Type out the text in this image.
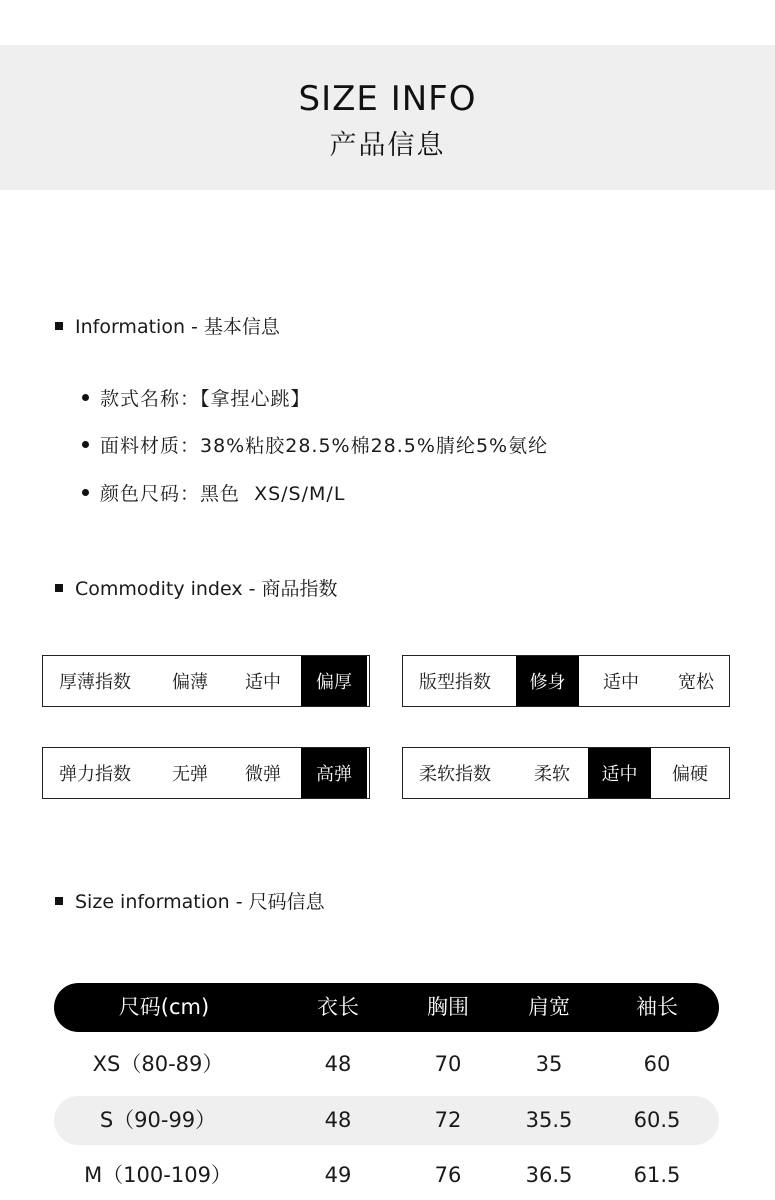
SIZE INFO
产品信息
Information - 基本信息
款式名称：【拿捏心跳】
面料材质：38%粘胶28.5%棉28.5%腈纶5%氨纶
颜色尺码：黑色  XS/S/M/L
Commodity index - 商品指数
厚薄指数	偏薄	适中	偏厚	版型指数	修身	适中	宽松
弹力指数	无弹	微弹	高弹	柔软指数	柔软	适中	偏硬
Size information - 尺码信息
尺码(cm)	衣长	胸围	肩宽	袖长
XS（80-89）	48	70	35	60
S（90-99）	48	72	35.5	60.5
M（100-109）	49	76	36.5	61.5
